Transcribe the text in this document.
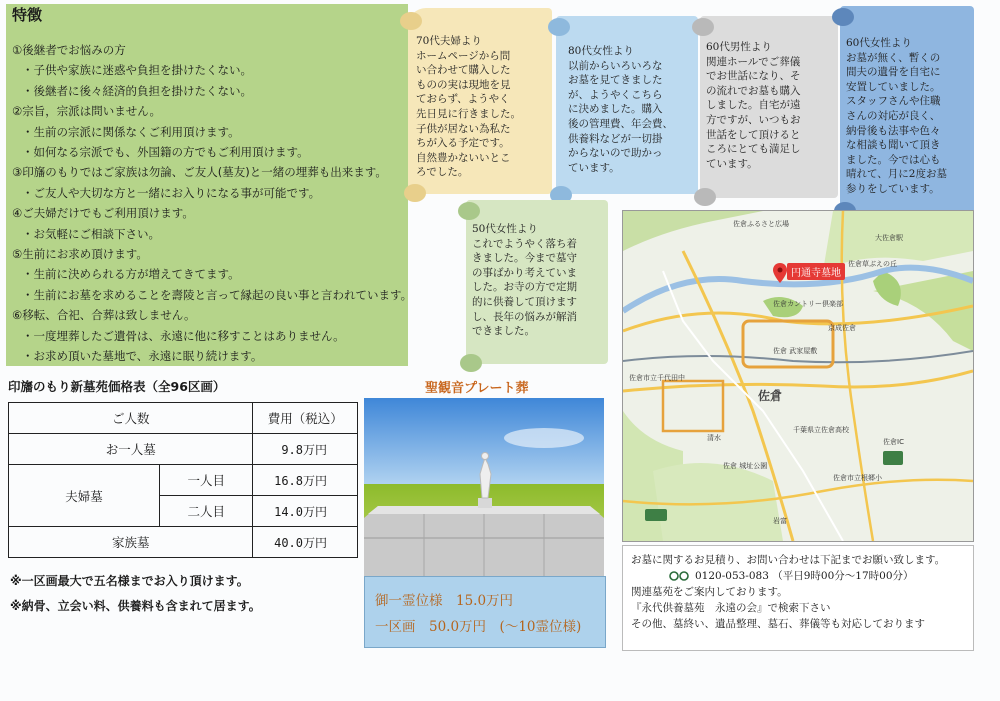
特徴
①後継者でお悩みの方
・子供や家族に迷惑や負担を掛けたくない。
・後継者に後々経済的負担を掛けたくない。
②宗旨，宗派は問いません。
・生前の宗派に関係なくご利用頂けます。
・如何なる宗派でも、外国籍の方でもご利用頂けます。
③印旛のもりではご家族は勿論、ご友人(墓友)と一緒の埋葬も出来ます。
・ご友人や大切な方と一緒にお入りになる事が可能です。
④ご夫婦だけでもご利用頂けます。
・お気軽にご相談下さい。
⑤生前にお求め頂けます。
・生前に決められる方が増えてきてます。
・生前にお墓を求めることを壽陵と言って縁起の良い事と言われています。
⑥移転、合祀、合葬は致しません。
・一度埋葬したご遺骨は、永遠に他に移すことはありません。
・お求め頂いた墓地で、永遠に眠り続けます。
70代夫婦より
ホームページから問
い合わせて購入した
ものの実は現地を見
ておらず、ようやく
先日見に行きました。
子供が居ない為私た
ちが入る予定です。
自然豊かないいとこ
ろでした。
80代女性より
以前からいろいろな
お墓を見てきました
が、ようやくこちら
に決めました。購入
後の管理費、年会費、
供養料などが一切掛
からないので助かっ
ています。
60代男性より
関連ホールでご葬儀
でお世話になり、そ
の流れでお墓も購入
しました。自宅が遠
方ですが、いつもお
世話をして頂けると
ころにとても満足し
ています。
60代女性より
お墓が無く、暫くの
間夫の遺骨を自宅に
安置していました。
スタッフさんや住職
さんの対応が良く、
納骨後も法事や色々
な相談も聞いて頂き
ました。今では心も
晴れて、月に2度お墓
参りをしています。
50代女性より
これでようやく落ち着
きました。今まで墓守
の事ばかり考えていま
した。お寺の方で定期
的に供養して頂けます
し、長年の悩みが解消
できました。
印旛のもり新墓苑価格表（全96区画）
ご人数		費用（税込）
お一人墓		9.8万円
夫婦墓	一人目	16.8万円
	二人目	14.0万円
家族墓		40.0万円
※一区画最大で五名様までお入り頂けます。
※納骨、立会い料、供養料も含まれて居ます。
聖観音プレート葬
御一霊位様　15.0万円
一区画　50.0万円　(～10霊位様)
円通寺墓地
佐倉ふるさと広場
佐倉草ぶえの丘
佐倉カントリー倶楽部
京成佐倉
佐倉 武家屋敷
佐倉市立千代田中
佐倉
佐倉IC
千葉県立佐倉高校
佐倉 城址公園
佐倉市立根郷小
大佐倉駅
岩富
清水
お墓に関するお見積り、お問い合わせは下記までお願い致します。
0120-053-083 （平日9時00分～17時00分）
関連墓苑をご案内しております。
『永代供養墓苑　永遠の会』で検索下さい
その他、墓終い、遺品整理、墓石、葬儀等も対応しております
